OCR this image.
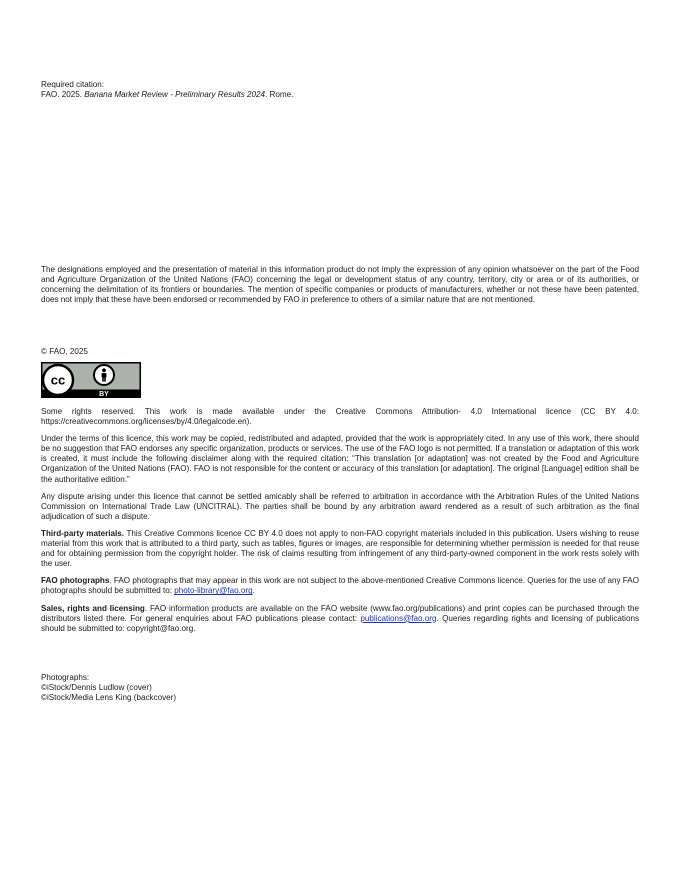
Required citation:

FAO. 2025. Banana Market Review - Preliminary Results 2024. Rome.

The designations employed and the presentation of material in this information product do not imply the expression of any opinion whatsoever on the part of the Food and Agriculture Organization of the United Nations (FAO) concerning the legal or development status of any country, territory, city or area or of its authorities, or concerning the delimitation of its frontiers or boundaries. The mention of specific companies or products of manufacturers, whether or not these have been patented, does not imply that these have been endorsed or recommended by FAO in preference to others of a similar nature that are not mentioned.
© FAO, 2025
cc
BY

Some rights reserved. This work is made available under the Creative Commons Attribution- 4.0 International licence (CC BY 4.0: https://creativecommons.org/licenses/by/4.0/legalcode.en).

Under the terms of this licence, this work may be copied, redistributed and adapted, provided that the work is appropriately cited. In any use of this work, there should be no suggestion that FAO endorses any specific organization, products or services. The use of the FAO logo is not permitted. If a translation or adaptation of this work is created, it must include the following disclaimer along with the required citation: “This translation [or adaptation] was not created by the Food and Agriculture Organization of the United Nations (FAO). FAO is not responsible for the content or accuracy of this translation [or adaptation]. The original [Language] edition shall be the authoritative edition.”

Any dispute arising under this licence that cannot be settled amicably shall be referred to arbitration in accordance with the Arbitration Rules of the United Nations Commission on International Trade Law (UNCITRAL). The parties shall be bound by any arbitration award rendered as a result of such arbitration as the final adjudication of such a dispute.

Third-party materials. This Creative Commons licence CC BY 4.0 does not apply to non-FAO copyright materials included in this publication. Users wishing to reuse material from this work that is attributed to a third party, such as tables, figures or images, are responsible for determining whether permission is needed for that reuse and for obtaining permission from the copyright holder. The risk of claims resulting from infringement of any third-party-owned component in the work rests solely with the user.

FAO photographs. FAO photographs that may appear in this work are not subject to the above-mentioned Creative Commons licence. Queries for the use of any FAO photographs should be submitted to: photo-library@fao.org.

Sales, rights and licensing. FAO information products are available on the FAO website (www.fao.org/publications) and print copies can be purchased through the distributors listed there. For general enquiries about FAO publications please contact: publications@fao.org. Queries regarding rights and licensing of publications should be submitted to: copyright@fao.org.

Photographs:

©iStock/Dennis Ludlow (cover)

©iStock/Media Lens King (backcover)
